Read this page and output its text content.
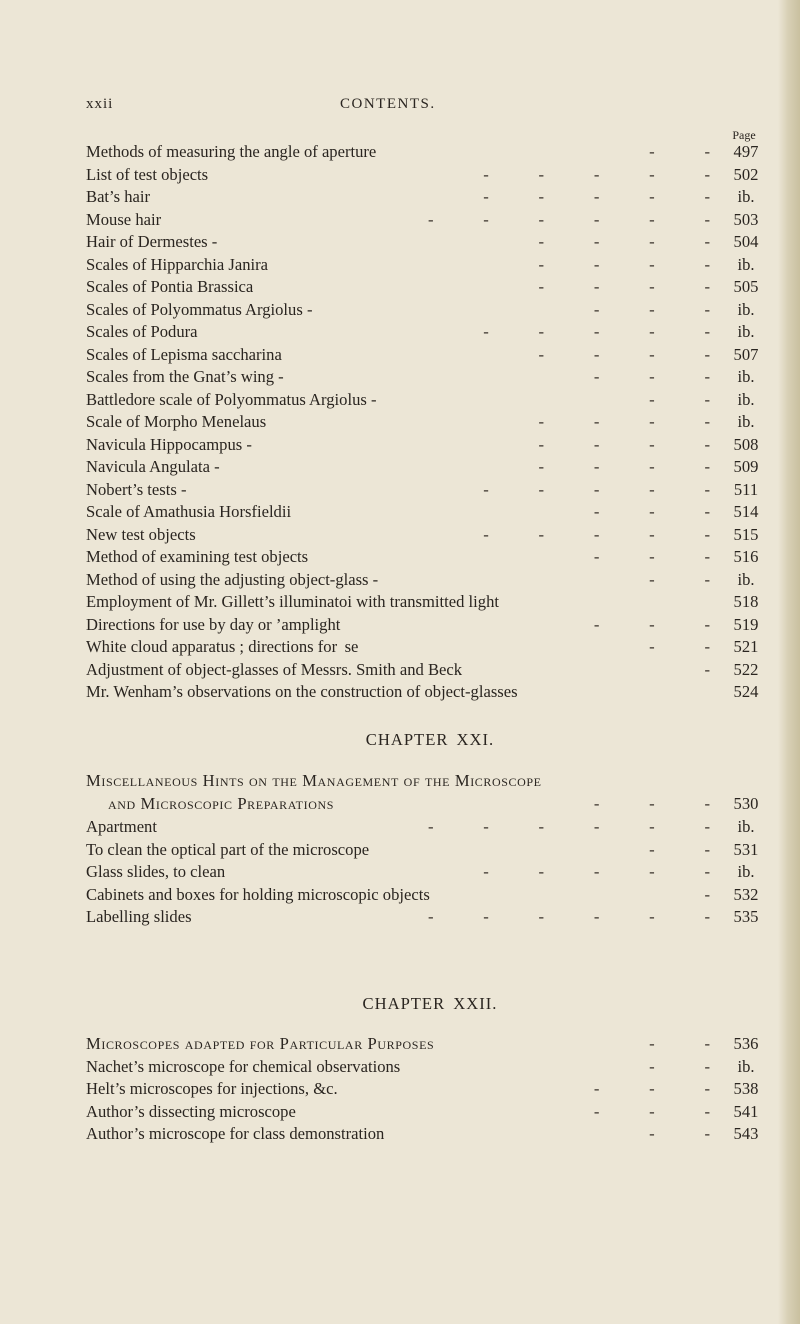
xxii	CONTENTS.
Page
Methods of measuring the angle of aperture	497
-   -
List of test objects	502
-   -   -   -   -
Bat’s hair	ib.
-   -   -   -   -
Mouse hair	503
-   -   -   -   -   -
Hair of Dermestes -	504
-   -   -   -
Scales of Hipparchia Janira	ib.
-   -   -   -
Scales of Pontia Brassica	505
-   -   -   -
Scales of Polyommatus Argiolus -	ib.
-   -   -
Scales of Podura	ib.
-   -   -   -   -
Scales of Lepisma saccharina	507
-   -   -   -
Scales from the Gnat’s wing -	ib.
-   -   -
Battledore scale of Polyommatus Argiolus -	ib.
-   -
Scale of Morpho Menelaus	ib.
-   -   -   -
Navicula Hippocampus -	508
-   -   -   -
Navicula Angulata -	509
-   -   -   -
Nobert’s tests -	511
-   -   -   -   -
Scale of Amathusia Horsfieldii	514
-   -   -
New test objects	515
-   -   -   -   -
Method of examining test objects	516
-   -   -
Method of using the adjusting object-glass -	ib.
-   -
Employment of Mr. Gillett’s illuminatoi with transmitted light	518
Directions for use by day or ’amplight	519
-   -   -
White cloud apparatus ; directions for  se	521
-   -
Adjustment of object-glasses of Messrs. Smith and Beck	522
-
Mr. Wenham’s observations on the construction of object-glasses	524
CHAPTER XXI.
Miscellaneous Hints on the Management of the Microscope
and Microscopic Preparations	-   -   -	530
Apartment	ib.
-   -   -   -   -   -
To clean the optical part of the microscope	531
-   -
Glass slides, to clean	ib.
-   -   -   -   -
Cabinets and boxes for holding microscopic objects	532
-
Labelling slides	535
-   -   -   -   -   -
CHAPTER XXII.
Microscopes adapted for Particular Purposes	536
-   -
Nachet’s microscope for chemical observations	ib.
-   -
Helt’s microscopes for injections, &c.	538
-   -   -
Author’s dissecting microscope	541
-   -   -
Author’s microscope for class demonstration	543
-   -
